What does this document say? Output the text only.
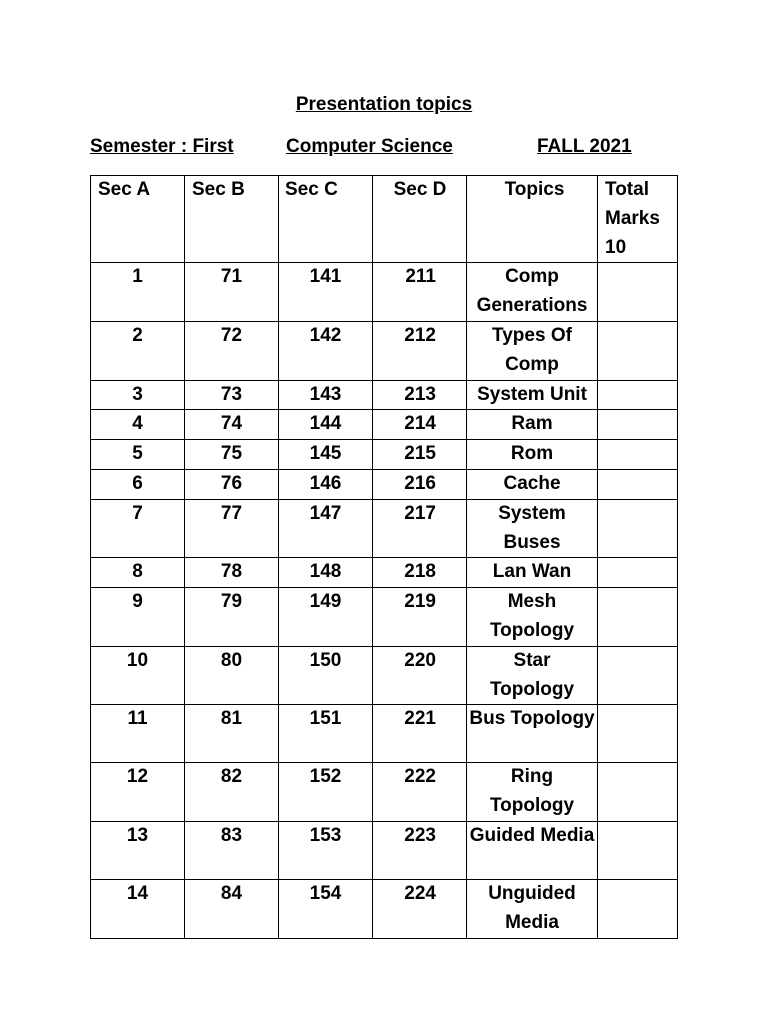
Presentation topics
Semester : First	Computer Science	FALL 2021
Sec A	Sec B	Sec C	Sec D	Topics	Total Marks 10
1	71	141	211	Comp Generations	
2	72	142	212	Types Of Comp	
3	73	143	213	System Unit	
4	74	144	214	Ram	
5	75	145	215	Rom	
6	76	146	216	Cache	
7	77	147	217	System Buses	
8	78	148	218	Lan Wan	
9	79	149	219	Mesh Topology	
10	80	150	220	Star Topology	
11	81	151	221	Bus Topology	
12	82	152	222	Ring Topology	
13	83	153	223	Guided Media	
14	84	154	224	Unguided Media	
